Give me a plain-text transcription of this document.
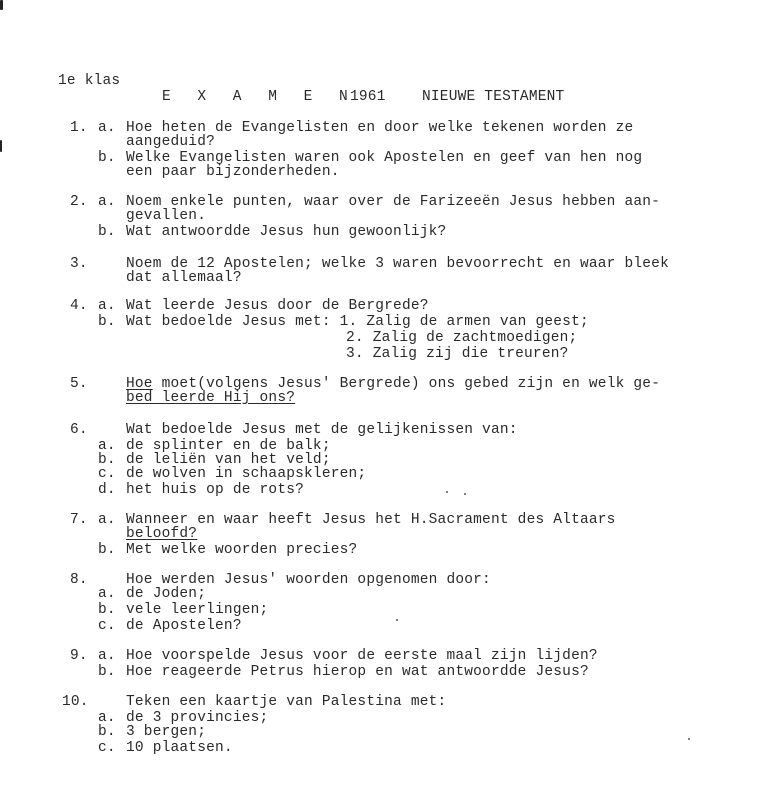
1e klas
E X A M E N
1961	NIEUWE TESTAMENT
1. a. Hoe heten de Evangelisten en door welke tekenen worden ze
aangeduid?
b. Welke Evangelisten waren ook Apostelen en geef van hen nog
een paar bijzonderheden.
2. a. Noem enkele punten, waar over de Farizeeën Jesus hebben aan-
gevallen.
b. Wat antwoordde Jesus hun gewoonlijk?
3.	Noem de 12 Apostelen; welke 3 waren bevoorrecht en waar bleek
dat allemaal?
4. a. Wat leerde Jesus door de Bergrede?
b. Wat bedoelde Jesus met: 1. Zalig de armen van geest;
2. Zalig de zachtmoedigen;
3. Zalig zij die treuren?
5.	Hoe moet(volgens Jesus' Bergrede) ons gebed zijn en welk ge-
bed leerde Hij ons?
6.	Wat bedoelde Jesus met de gelijkenissen van:
a. de splinter en de balk;
b. de leliën van het veld;
c. de wolven in schaapskleren;
d. het huis op de rots?
7. a. Wanneer en waar heeft Jesus het H.Sacrament des Altaars
beloofd?
b. Met welke woorden precies?
8.	Hoe werden Jesus' woorden opgenomen door:
a. de Joden;
b. vele leerlingen;
c. de Apostelen?
9. a. Hoe voorspelde Jesus voor de eerste maal zijn lijden?
b. Hoe reageerde Petrus hierop en wat antwoordde Jesus?
10.	Teken een kaartje van Palestina met:
a. de 3 provincies;
b. 3 bergen;
c. 10 plaatsen.
